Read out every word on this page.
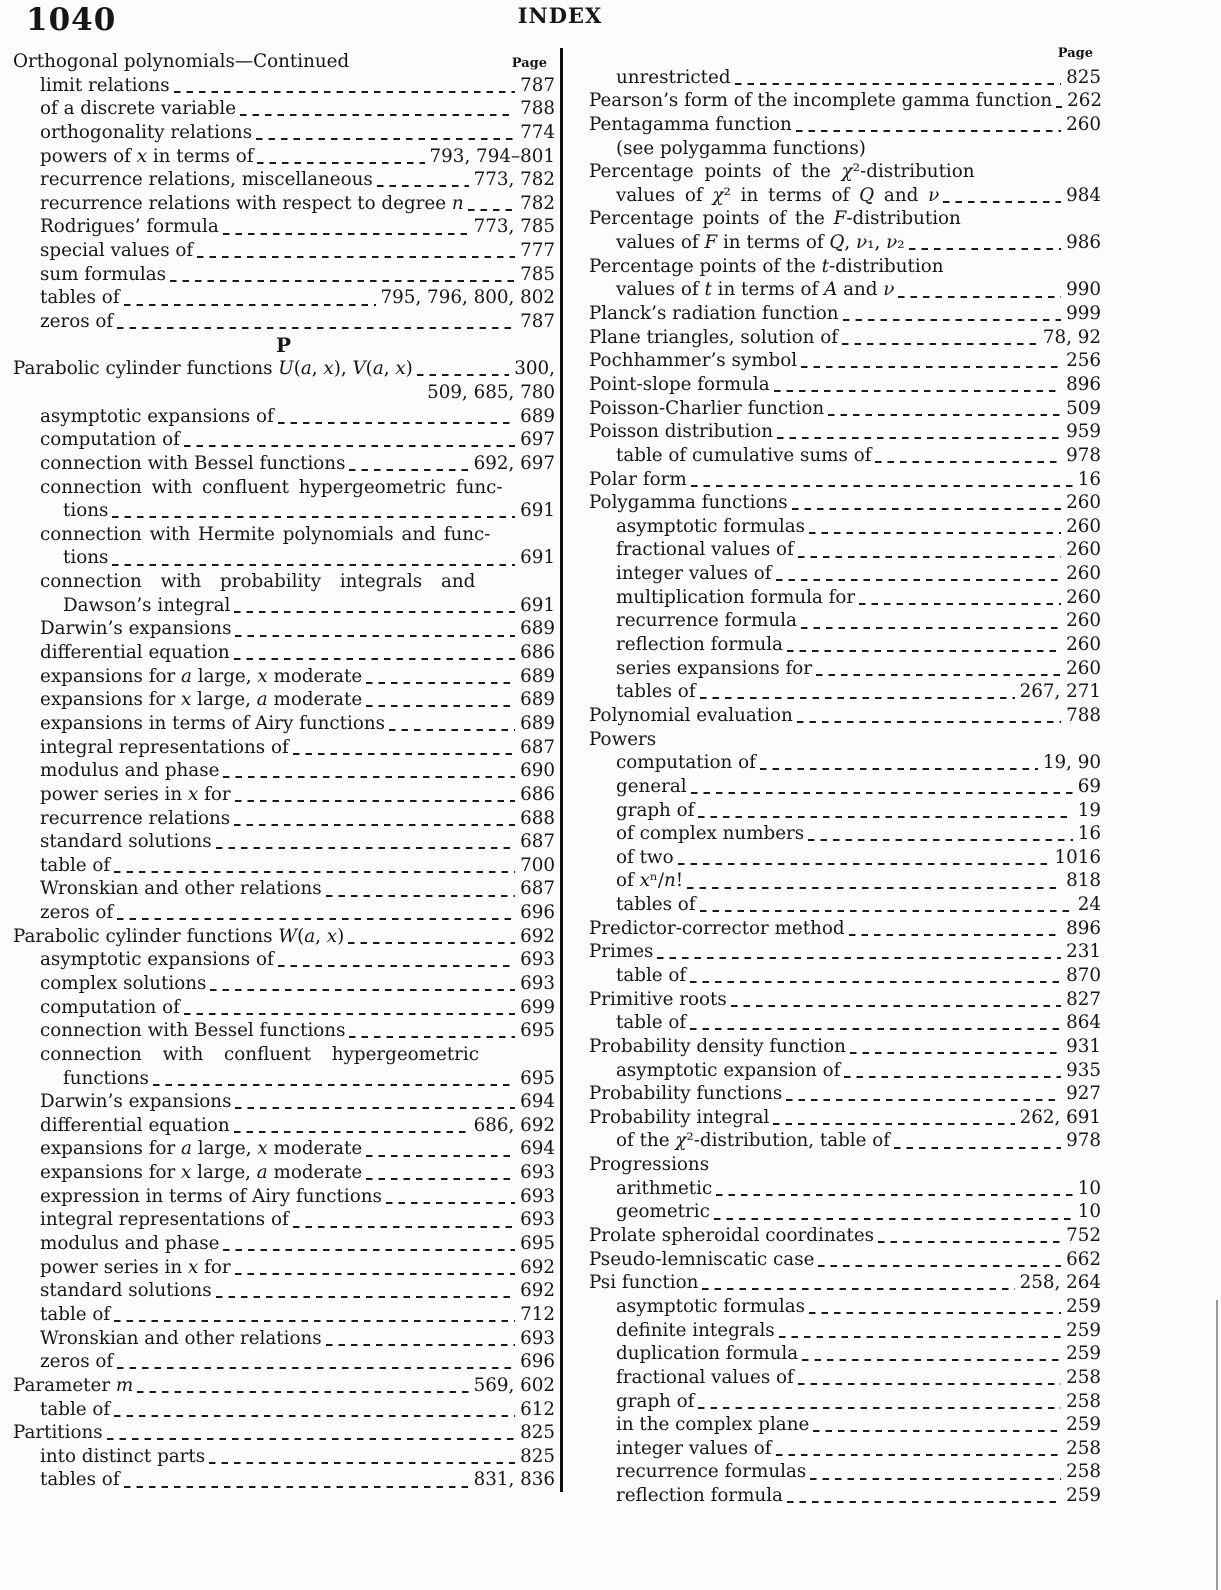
1040	INDEX
Orthogonal polynomials—Continued	Page
limit relations	787
of a discrete variable	788
orthogonality relations	774
powers of x in terms of	793, 794–801
recurrence relations, miscellaneous	773, 782
recurrence relations with respect to degree n	782
Rodrigues’ formula	773, 785
special values of	777
sum formulas	785
tables of	795, 796, 800, 802
zeros of	787
P
Parabolic cylinder functions U(a, x), V(a, x)	300,
509, 685, 780
asymptotic expansions of	689
computation of	697
connection with Bessel functions	692, 697
connection with confluent hypergeometric func-
tions	691
connection with Hermite polynomials and func-
tions	691
connection with probability integrals and
Dawson’s integral	691
Darwin’s expansions	689
differential equation	686
expansions for a large, x moderate	689
expansions for x large, a moderate	689
expansions in terms of Airy functions	689
integral representations of	687
modulus and phase	690
power series in x for	686
recurrence relations	688
standard solutions	687
table of	700
Wronskian and other relations	687
zeros of	696
Parabolic cylinder functions W(a, x)	692
asymptotic expansions of	693
complex solutions	693
computation of	699
connection with Bessel functions	695
connection with confluent hypergeometric
functions	695
Darwin’s expansions	694
differential equation	686, 692
expansions for a large, x moderate	694
expansions for x large, a moderate	693
expression in terms of Airy functions	693
integral representations of	693
modulus and phase	695
power series in x for	692
standard solutions	692
table of	712
Wronskian and other relations	693
zeros of	696
Parameter m	569, 602
table of	612
Partitions	825
into distinct parts	825
tables of	831, 836
Page
unrestricted	825
Pearson’s form of the incomplete gamma function 262
Pentagamma function	260
(see polygamma functions)
Percentage points of the χ²-distribution
values of χ² in terms of Q and ν	984
Percentage points of the F-distribution
values of F in terms of Q, ν₁, ν₂	986
Percentage points of the t-distribution
values of t in terms of A and ν	990
Planck’s radiation function	999
Plane triangles, solution of	78, 92
Pochhammer’s symbol	256
Point-slope formula	896
Poisson-Charlier function	509
Poisson distribution	959
table of cumulative sums of	978
Polar form	16
Polygamma functions	260
asymptotic formulas	260
fractional values of	260
integer values of	260
multiplication formula for	260
recurrence formula	260
reflection formula	260
series expansions for	260
tables of	267, 271
Polynomial evaluation	788
Powers
computation of	19, 90
general	69
graph of	19
of complex numbers	16
of two	1016
of xⁿ/n!	818
tables of	24
Predictor-corrector method	896
Primes	231
table of	870
Primitive roots	827
table of	864
Probability density function	931
asymptotic expansion of	935
Probability functions	927
Probability integral	262, 691
of the χ²-distribution, table of	978
Progressions
arithmetic	10
geometric	10
Prolate spheroidal coordinates	752
Pseudo-lemniscatic case	662
Psi function	258, 264
asymptotic formulas	259
definite integrals	259
duplication formula	259
fractional values of	258
graph of	258
in the complex plane	259
integer values of	258
recurrence formulas	258
reflection formula	259
